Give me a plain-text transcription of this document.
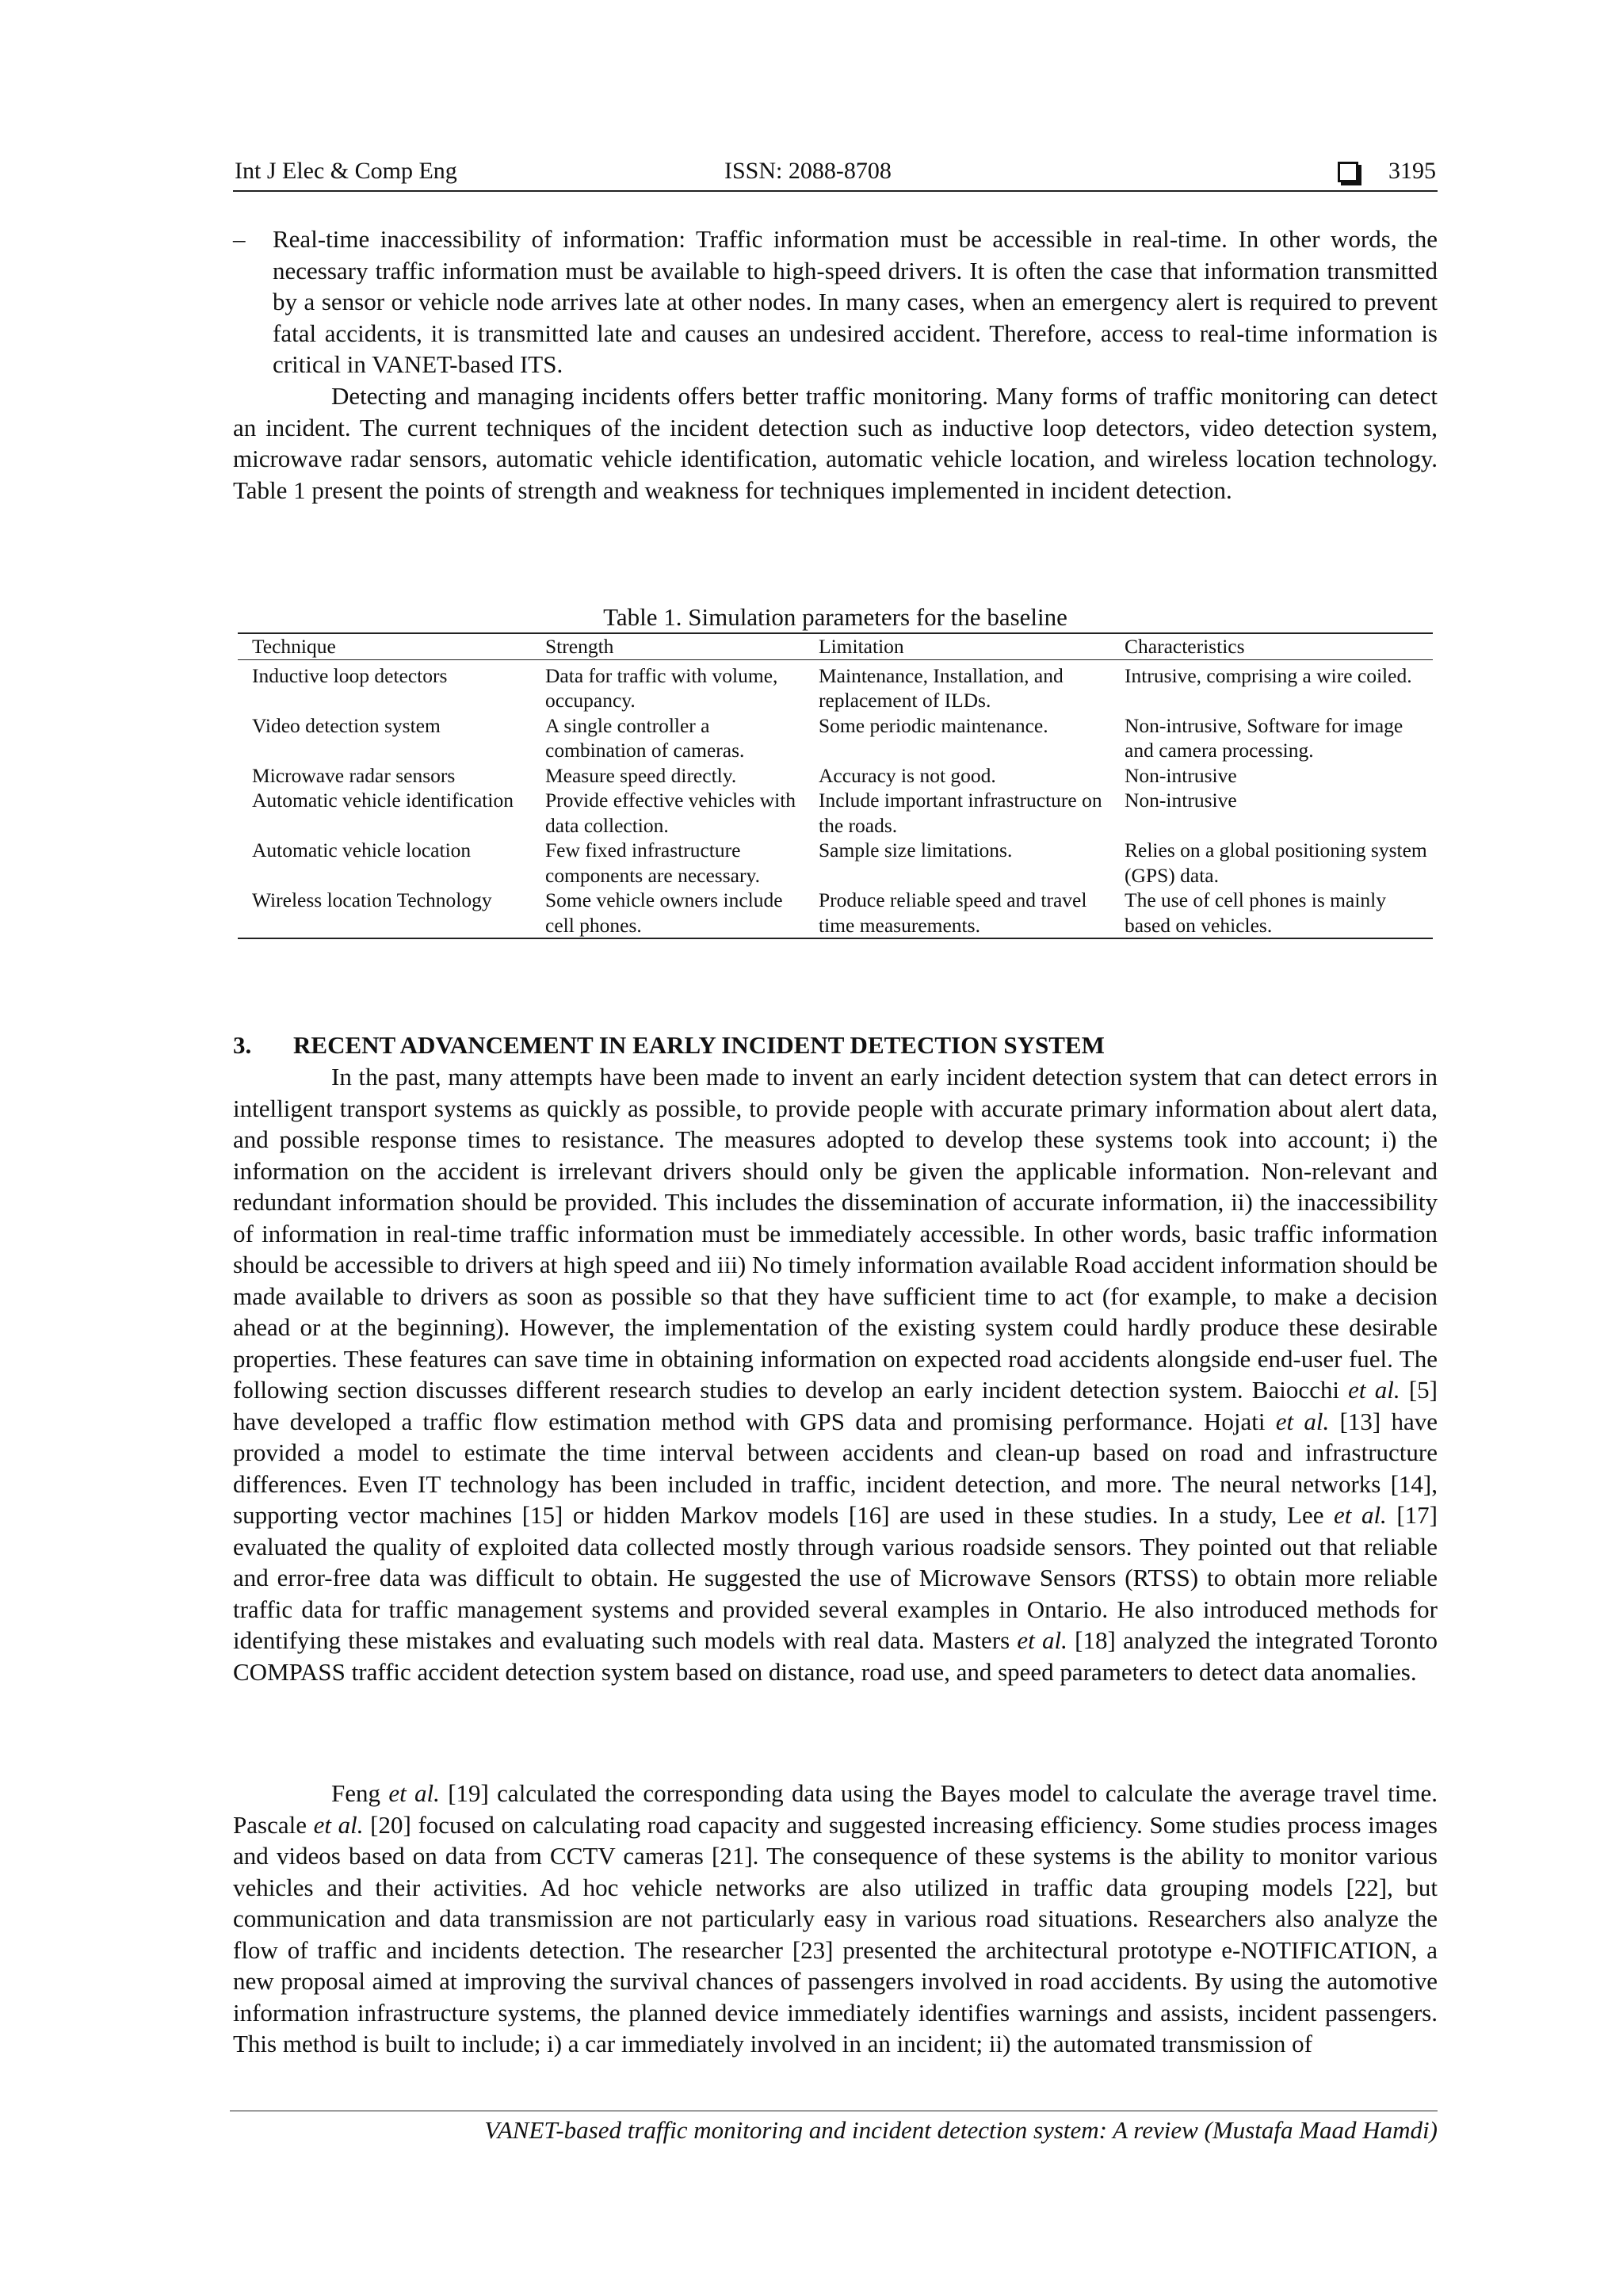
Int J Elec & Comp Eng	ISSN: 2088-8708	3195

– Real-time inaccessibility of information: Traffic information must be accessible in real-time. In other words, the necessary traffic information must be available to high-speed drivers. It is often the case that information transmitted by a sensor or vehicle node arrives late at other nodes. In many cases, when an emergency alert is required to prevent fatal accidents, it is transmitted late and causes an undesired accident. Therefore, access to real-time information is critical in VANET-based ITS.

Detecting and managing incidents offers better traffic monitoring. Many forms of traffic monitoring can detect an incident. The current techniques of the incident detection such as inductive loop detectors, video detection system, microwave radar sensors, automatic vehicle identification, automatic vehicle location, and wireless location technology. Table 1 present the points of strength and weakness for techniques implemented in incident detection.

Table 1. Simulation parameters for the baseline
Technique	Strength	Limitation	Characteristics
Inductive loop detectors	Data for traffic with volume, occupancy.	Maintenance, Installation, and replacement of ILDs.	Intrusive, comprising a wire coiled.
Video detection system	A single controller a combination of cameras.	Some periodic maintenance.	Non-intrusive, Software for image and camera processing.
Microwave radar sensors	Measure speed directly.	Accuracy is not good.	Non-intrusive
Automatic vehicle identification	Provide effective vehicles with data collection.	Include important infrastructure on the roads.	Non-intrusive
Automatic vehicle location	Few fixed infrastructure components are necessary.	Sample size limitations.	Relies on a global positioning system (GPS) data.
Wireless location Technology	Some vehicle owners include cell phones.	Produce reliable speed and travel time measurements.	The use of cell phones is mainly based on vehicles.
3. RECENT ADVANCEMENT IN EARLY INCIDENT DETECTION SYSTEM

In the past, many attempts have been made to invent an early incident detection system that can detect errors in intelligent transport systems as quickly as possible, to provide people with accurate primary information about alert data, and possible response times to resistance. The measures adopted to develop these systems took into account; i) the information on the accident is irrelevant drivers should only be given the applicable information. Non-relevant and redundant information should be provided. This includes the dissemination of accurate information, ii) the inaccessibility of information in real-time traffic information must be immediately accessible. In other words, basic traffic information should be accessible to drivers at high speed and iii) No timely information available Road accident information should be made available to drivers as soon as possible so that they have sufficient time to act (for example, to make a decision ahead or at the beginning). However, the implementation of the existing system could hardly produce these desirable properties. These features can save time in obtaining information on expected road accidents alongside end-user fuel. The following section discusses different research studies to develop an early incident detection system. Baiocchi et al. [5] have developed a traffic flow estimation method with GPS data and promising performance. Hojati et al. [13] have provided a model to estimate the time interval between accidents and clean-up based on road and infrastructure differences. Even IT technology has been included in traffic, incident detection, and more. The neural networks [14], supporting vector machines [15] or hidden Markov models [16] are used in these studies. In a study, Lee et al. [17] evaluated the quality of exploited data collected mostly through various roadside sensors. They pointed out that reliable and error-free data was difficult to obtain. He suggested the use of Microwave Sensors (RTSS) to obtain more reliable traffic data for traffic management systems and provided several examples in Ontario. He also introduced methods for identifying these mistakes and evaluating such models with real data. Masters et al. [18] analyzed the integrated Toronto COMPASS traffic accident detection system based on distance, road use, and speed parameters to detect data anomalies.

Feng et al. [19] calculated the corresponding data using the Bayes model to calculate the average travel time. Pascale et al. [20] focused on calculating road capacity and suggested increasing efficiency. Some studies process images and videos based on data from CCTV cameras [21]. The consequence of these systems is the ability to monitor various vehicles and their activities. Ad hoc vehicle networks are also utilized in traffic data grouping models [22], but communication and data transmission are not particularly easy in various road situations. Researchers also analyze the flow of traffic and incidents detection. The researcher [23] presented the architectural prototype e-NOTIFICATION, a new proposal aimed at improving the survival chances of passengers involved in road accidents. By using the automotive information infrastructure systems, the planned device immediately identifies warnings and assists, incident passengers. This method is built to include; i) a car immediately involved in an incident; ii) the automated transmission of

VANET-based traffic monitoring and incident detection system: A review (Mustafa Maad Hamdi)
